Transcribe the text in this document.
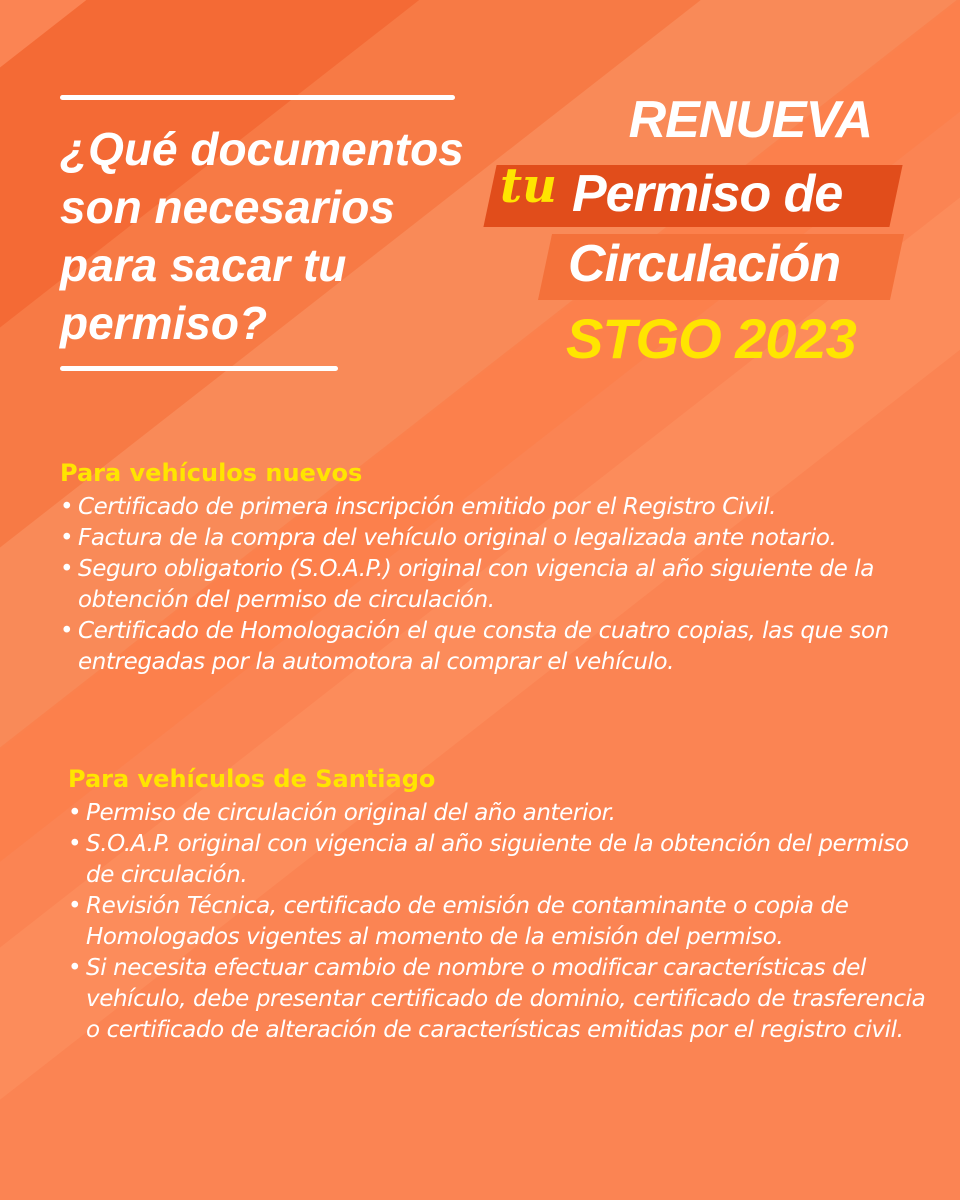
¿Qué documentos
son necesarios
para sacar tu
permiso?
RENUEVA
tu Permiso de
Circulación
STGO 2023
Para vehículos nuevos
• Certificado de primera inscripción emitido por el Registro Civil.
• Factura de la compra del vehículo original o legalizada ante notario.
• Seguro obligatorio (S.O.A.P.) original con vigencia al año siguiente de la obtención del permiso de circulación.
• Certificado de Homologación el que consta de cuatro copias, las que son entregadas por la automotora al comprar el vehículo.
Para vehículos de Santiago
• Permiso de circulación original del año anterior.
• S.O.A.P. original con vigencia al año siguiente de la obtención del permiso de circulación.
• Revisión Técnica, certificado de emisión de contaminante o copia de Homologados vigentes al momento de la emisión del permiso.
• Si necesita efectuar cambio de nombre o modificar características del vehículo, debe presentar certificado de dominio, certificado de trasferencia o certificado de alteración de características emitidas por el registro civil.
